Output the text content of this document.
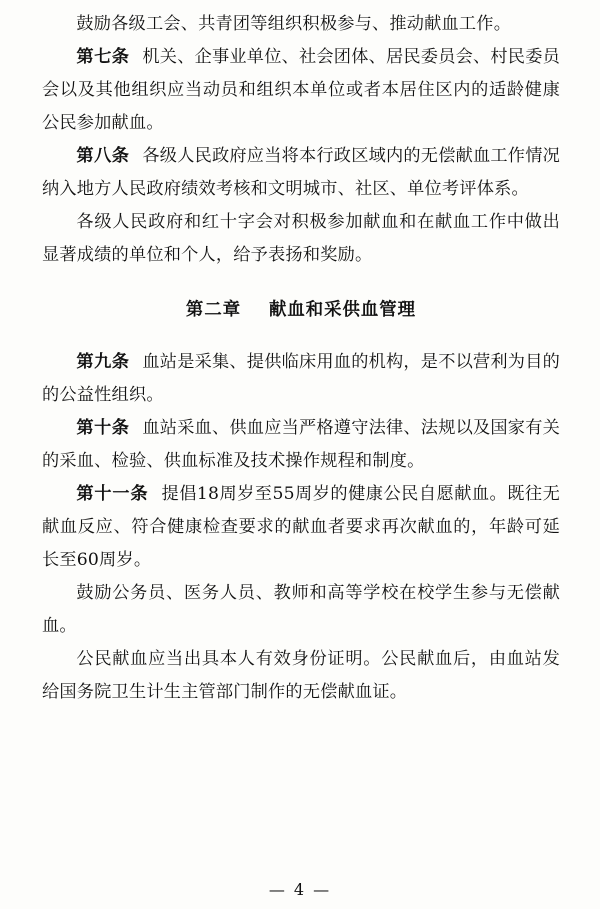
鼓励各级工会、共青团等组织积极参与、推动献血工作。

第七条 机关、企事业单位、社会团体、居民委员会、村民委员会以及其他组织应当动员和组织本单位或者本居住区内的适龄健康公民参加献血。

第八条 各级人民政府应当将本行政区域内的无偿献血工作情况纳入地方人民政府绩效考核和文明城市、社区、单位考评体系。

各级人民政府和红十字会对积极参加献血和在献血工作中做出显著成绩的单位和个人，给予表扬和奖励。

第二章 献血和采供血管理

第九条 血站是采集、提供临床用血的机构，是不以营利为目的的公益性组织。

第十条 血站采血、供血应当严格遵守法律、法规以及国家有关的采血、检验、供血标准及技术操作规程和制度。

第十一条 提倡18周岁至55周岁的健康公民自愿献血。既往无献血反应、符合健康检查要求的献血者要求再次献血的，年龄可延长至60周岁。

鼓励公务员、医务人员、教师和高等学校在校学生参与无偿献血。

公民献血应当出具本人有效身份证明。公民献血后，由血站发给国务院卫生计生主管部门制作的无偿献血证。

— 4 —
